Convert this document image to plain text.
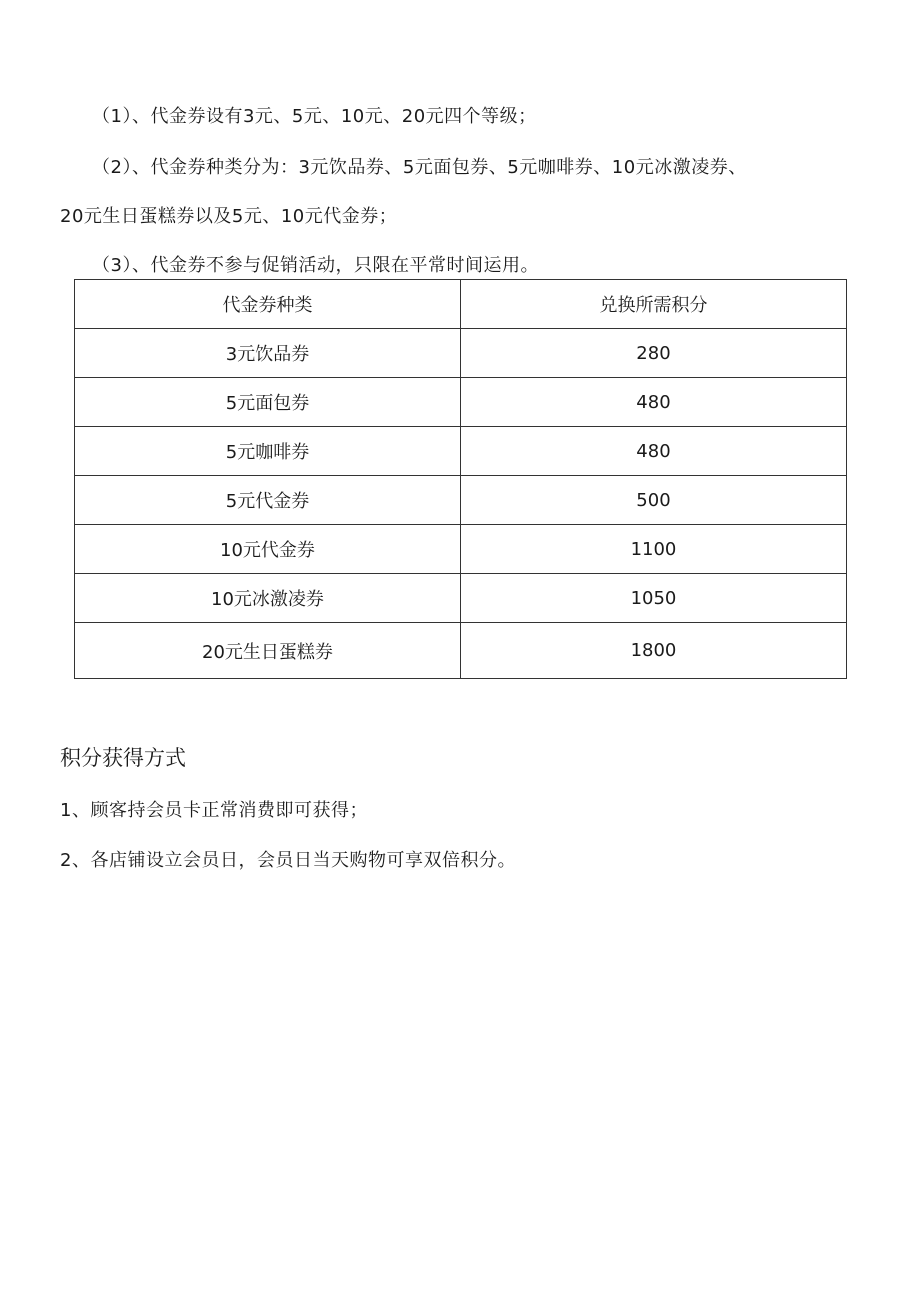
（1）、代金券设有3元、5元、10元、20元四个等级；
（2）、代金券种类分为：3元饮品券、5元面包券、5元咖啡券、10元冰激凌券、
20元生日蛋糕券以及5元、10元代金券；
（3）、代金券不参与促销活动，只限在平常时间运用。
代金券种类	兑换所需积分
3元饮品券	280
5元面包券	480
5元咖啡券	480
5元代金券	500
10元代金券	1100
10元冰激凌券	1050
20元生日蛋糕券	1800
积分获得方式
1、顾客持会员卡正常消费即可获得；
2、各店铺设立会员日，会员日当天购物可享双倍积分。
